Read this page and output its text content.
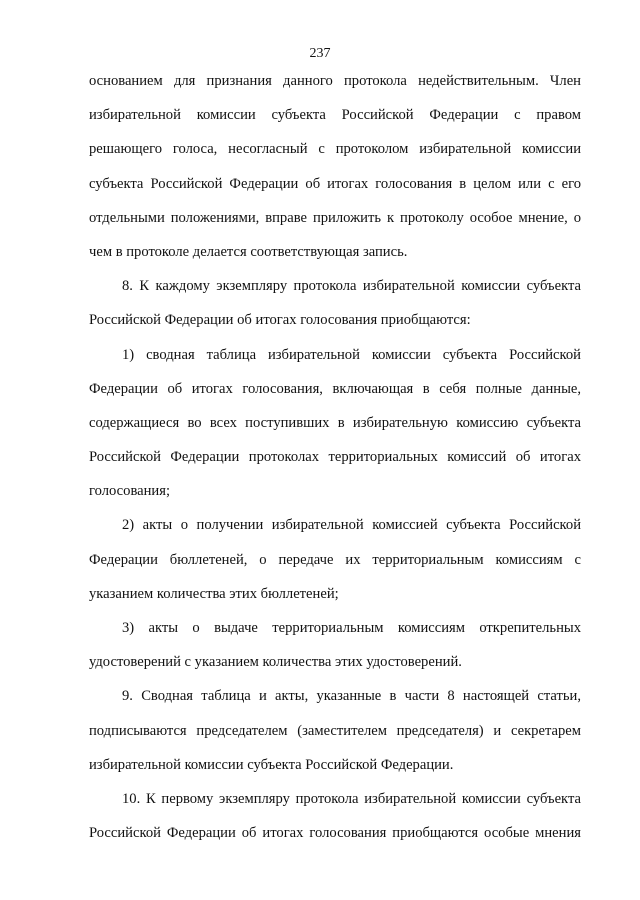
237
основанием для признания данного протокола недействительным. Член
избирательной комиссии субъекта Российской Федерации с правом
решающего голоса, несогласный с протоколом избирательной комиссии
субъекта Российской Федерации об итогах голосования в целом или с его
отдельными положениями, вправе приложить к протоколу особое мнение, о
чем в протоколе делается соответствующая запись.
8. К каждому экземпляру протокола избирательной комиссии субъекта
Российской Федерации об итогах голосования приобщаются:
1) сводная таблица избирательной комиссии субъекта Российской
Федерации об итогах голосования, включающая в себя полные данные,
содержащиеся во всех поступивших в избирательную комиссию субъекта
Российской Федерации протоколах территориальных комиссий об итогах
голосования;
2) акты о получении избирательной комиссией субъекта Российской
Федерации бюллетеней, о передаче их территориальным комиссиям с
указанием количества этих бюллетеней;
3) акты о выдаче территориальным комиссиям открепительных
удостоверений с указанием количества этих удостоверений.
9. Сводная таблица и акты, указанные в части 8 настоящей статьи,
подписываются председателем (заместителем председателя) и секретарем
избирательной комиссии субъекта Российской Федерации.
10. К первому экземпляру протокола избирательной комиссии субъекта
Российской Федерации об итогах голосования приобщаются особые мнения
